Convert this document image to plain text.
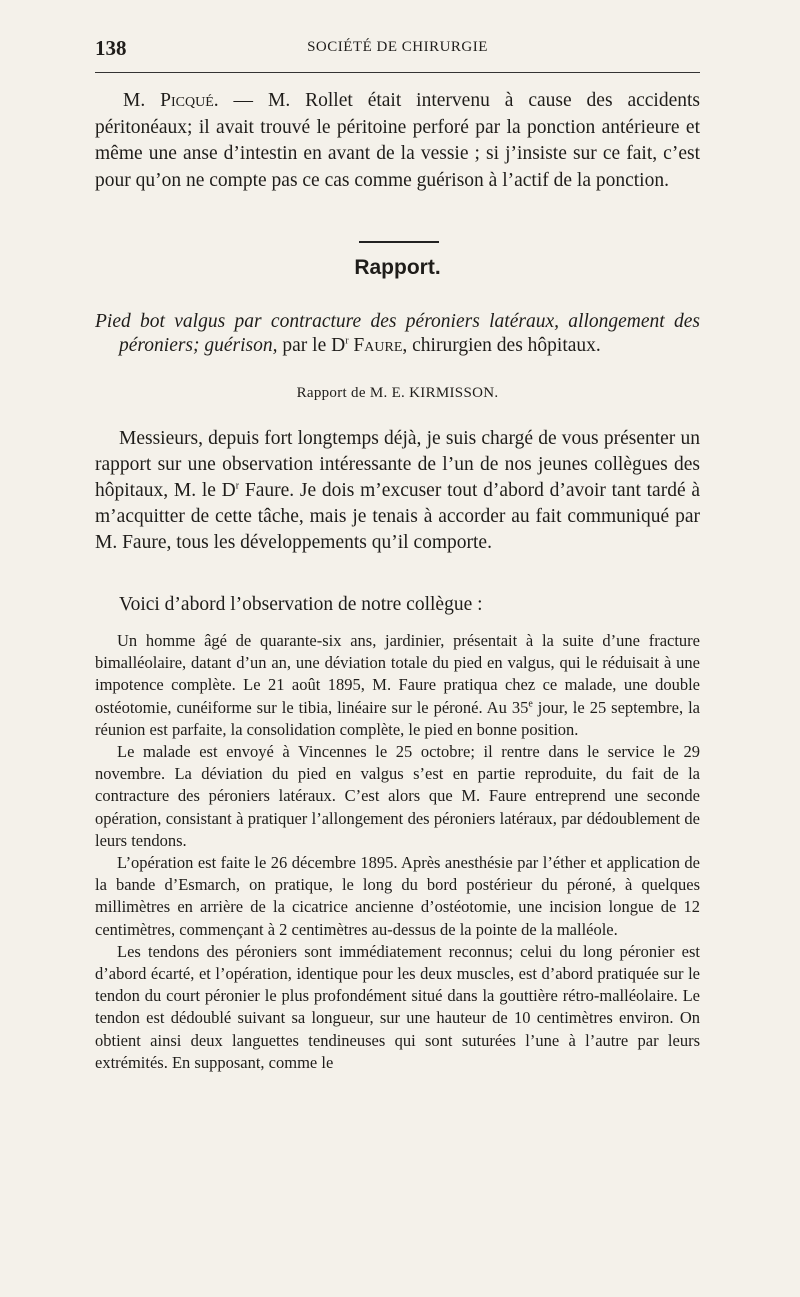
138	SOCIÉTÉ DE CHIRURGIE
M. Picqué. — M. Rollet était intervenu à cause des accidents péritonéaux; il avait trouvé le péritoine perforé par la ponction antérieure et même une anse d’intestin en avant de la vessie ; si j’insiste sur ce fait, c’est pour qu’on ne compte pas ce cas comme guérison à l’actif de la ponction.
Rapport.
Pied bot valgus par contracture des péroniers latéraux, allongement des péroniers; guérison, par le $D^r$ Faure, chirurgien des hôpitaux.
Rapport de M. E. KIRMISSON.
Messieurs, depuis fort longtemps déjà, je suis chargé de vous présenter un rapport sur une observation intéressante de l’un de nos jeunes collègues des hôpitaux, M. le $D^r$ Faure. Je dois m’excuser tout d’abord d’avoir tant tardé à m’acquitter de cette tâche, mais je tenais à accorder au fait communiqué par M. Faure, tous les développements qu’il comporte.
Voici d’abord l’observation de notre collègue :

Un homme âgé de quarante-six ans, jardinier, présentait à la suite d’une fracture bimalléolaire, datant d’un an, une déviation totale du pied en valgus, qui le réduisait à une impotence complète. Le 21 août 1895, M. Faure pratiqua chez ce malade, une double ostéotomie, cunéiforme sur le tibia, linéaire sur le péroné. Au 35e jour, le 25 septembre, la réunion est parfaite, la consolidation complète, le pied en bonne position.

Le malade est envoyé à Vincennes le 25 octobre; il rentre dans le service le 29 novembre. La déviation du pied en valgus s’est en partie reproduite, du fait de la contracture des péroniers latéraux. C’est alors que M. Faure entreprend une seconde opération, consistant à pratiquer l’allongement des péroniers latéraux, par dédoublement de leurs tendons.

L’opération est faite le 26 décembre 1895. Après anesthésie par l’éther et application de la bande d’Esmarch, on pratique, le long du bord postérieur du péroné, à quelques millimètres en arrière de la cicatrice ancienne d’ostéotomie, une incision longue de 12 centimètres, commençant à 2 centimètres au-dessus de la pointe de la malléole.

Les tendons des péroniers sont immédiatement reconnus; celui du long péronier est d’abord écarté, et l’opération, identique pour les deux muscles, est d’abord pratiquée sur le tendon du court péronier le plus profondément situé dans la gouttière rétro-malléolaire. Le tendon est dédoublé suivant sa longueur, sur une hauteur de 10 centimètres environ. On obtient ainsi deux languettes tendineuses qui sont suturées l’une à l’autre par leurs extrémités. En supposant, comme le
